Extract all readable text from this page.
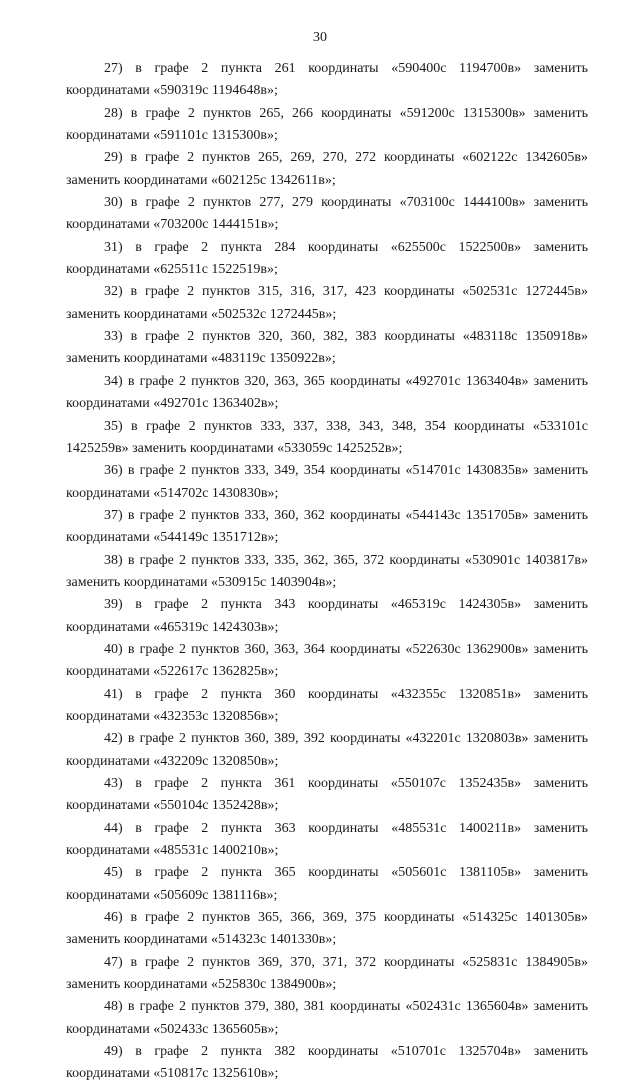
30

27) в графе 2 пункта 261 координаты «590400с 1194700в» заменить координатами «590319с 1194648в»;

28) в графе 2 пунктов 265, 266 координаты «591200с 1315300в» заменить координатами «591101с 1315300в»;

29) в графе 2 пунктов 265, 269, 270, 272 координаты «602122с 1342605в» заменить координатами «602125с 1342611в»;

30) в графе 2 пунктов 277, 279 координаты «703100с 1444100в» заменить координатами «703200с 1444151в»;

31) в графе 2 пункта 284 координаты «625500с 1522500в» заменить координатами «625511с 1522519в»;

32) в графе 2 пунктов 315, 316, 317, 423 координаты «502531с 1272445в» заменить координатами «502532с 1272445в»;

33) в графе 2 пунктов 320, 360, 382, 383 координаты «483118с 1350918в» заменить координатами «483119с 1350922в»;

34) в графе 2 пунктов 320, 363, 365 координаты «492701с 1363404в» заменить координатами «492701с 1363402в»;

35) в графе 2 пунктов 333, 337, 338, 343, 348, 354 координаты «533101с 1425259в» заменить координатами «533059с 1425252в»;

36) в графе 2 пунктов 333, 349, 354 координаты «514701с 1430835в» заменить координатами «514702с 1430830в»;

37) в графе 2 пунктов 333, 360, 362 координаты «544143с 1351705в» заменить координатами «544149с 1351712в»;

38) в графе 2 пунктов 333, 335, 362, 365, 372 координаты «530901с 1403817в» заменить координатами «530915с 1403904в»;

39) в графе 2 пункта 343 координаты «465319с 1424305в» заменить координатами «465319с 1424303в»;

40) в графе 2 пунктов 360, 363, 364 координаты «522630с 1362900в» заменить координатами «522617с 1362825в»;

41) в графе 2 пункта 360 координаты «432355с 1320851в» заменить координатами «432353с 1320856в»;

42) в графе 2 пунктов 360, 389, 392 координаты «432201с 1320803в» заменить координатами «432209с 1320850в»;

43) в графе 2 пункта 361 координаты «550107с 1352435в» заменить координатами «550104с 1352428в»;

44) в графе 2 пункта 363 координаты «485531с 1400211в» заменить координатами «485531с 1400210в»;

45) в графе 2 пункта 365 координаты «505601с 1381105в» заменить координатами «505609с 1381116в»;

46) в графе 2 пунктов 365, 366, 369, 375 координаты «514325с 1401305в» заменить координатами «514323с 1401330в»;

47) в графе 2 пунктов 369, 370, 371, 372 координаты «525831с 1384905в» заменить координатами «525830с 1384900в»;

48) в графе 2 пунктов 379, 380, 381 координаты «502431с 1365604в» заменить координатами «502433с 1365605в»;

49) в графе 2 пункта 382 координаты «510701с 1325704в» заменить координатами «510817с 1325610в»;
